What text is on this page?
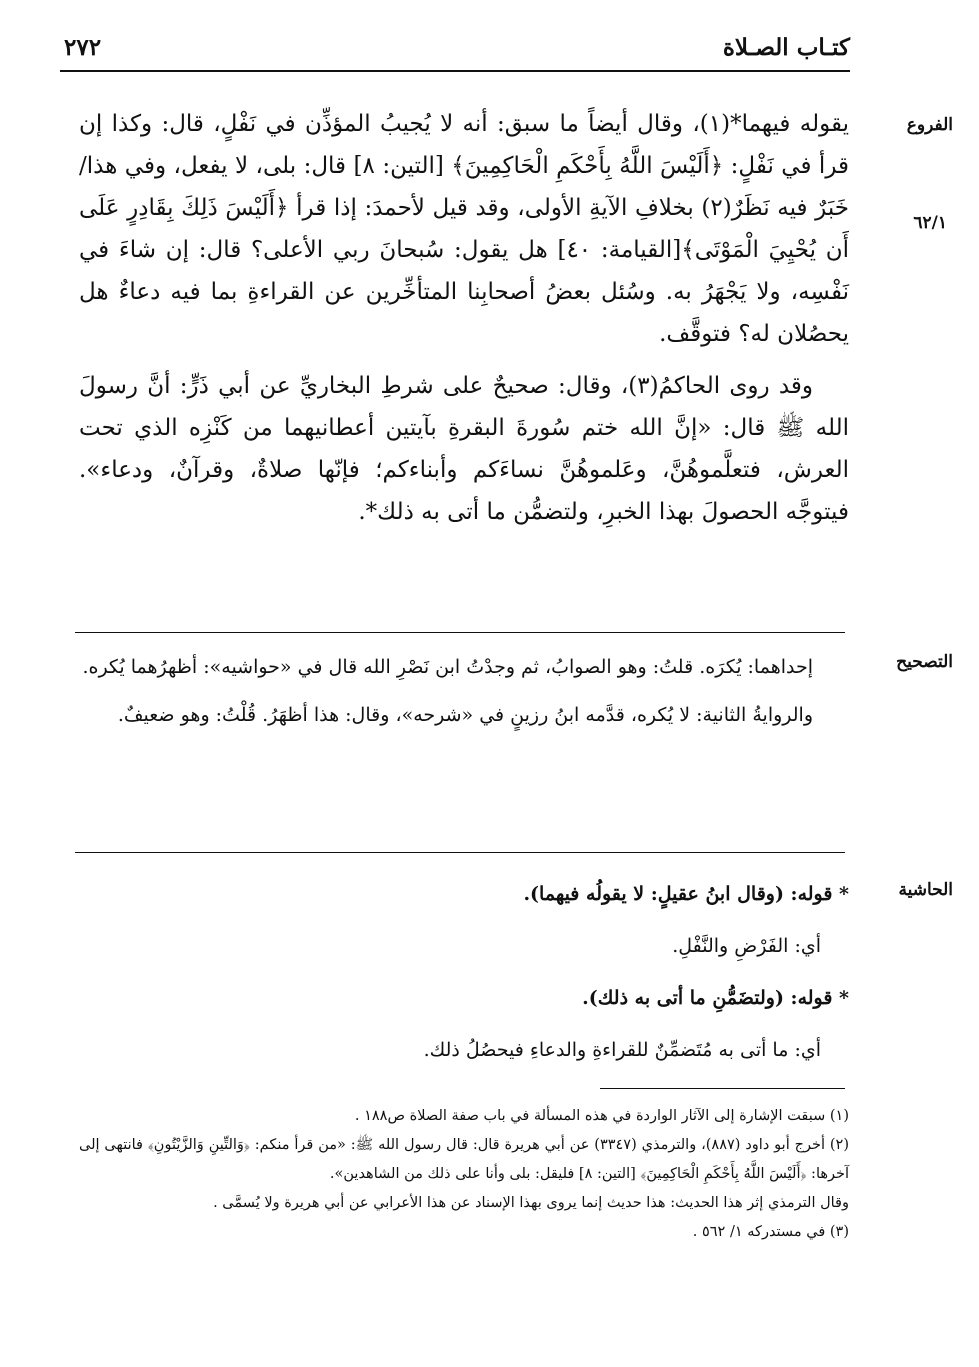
كتـاب الصـلاة
٢٧٢
الفروع
٦٢/١

يقوله فيهما*(١)، وقال أيضاً ما سبق: أنه لا يُجيبُ المؤذِّن في نَفْلٍ، قال: وكذا إن قرأ في نَفْلٍ: ﴿أَلَيْسَ اللَّهُ بِأَحْكَمِ الْحَاكِمِينَ﴾ [التين: ٨] قال: بلى، لا يفعل، وفي هذا/ خَبَرٌ فيه نَظَرٌ(٢) بخلافِ الآيةِ الأولى، وقد قيل لأحمدَ: إذا قرأ ﴿أَلَيْسَ ذَلِكَ بِقَادِرٍ عَلَى أَن يُحْيِيَ الْمَوْتَى﴾[القيامة: ٤٠] هل يقول: سُبحانَ ربي الأعلى؟ قال: إن شاءَ في نَفْسِه، ولا يَجْهَرُ به. وسُئل بعضُ أصحابِنا المتأخِّرين عن القراءةِ بما فيه دعاءٌ هل يحصُلان له؟ فتوقَّف.

وقد روى الحاكمُ(٣)، وقال: صحيحٌ على شرطِ البخاريِّ عن أبي ذَرٍّ: أنَّ رسولَ الله ﷺ قال: «إنَّ الله ختم سُورةَ البقرةِ بآيتين أعطانيهما من كَنْزِه الذي تحت العرش، فتعلَّموهُنَّ، وعَلموهُنَّ نساءَكم وأبناءكم؛ فإنّها صلاةٌ، وقرآنٌ، ودعاء». فيتوجَّه الحصولَ بهذا الخبرِ، ولتضمُّن ما أتى به ذلك*.

التصحيح

إحداهما: يُكرَه. قلتُ: وهو الصوابُ، ثم وجدْتُ ابن نَصْرِ الله قال في «حواشيه»: أظهرُهما يُكره.

والروايةُ الثانية: لا يُكره، قدَّمه ابنُ رزينٍ في «شرحه»، وقال: هذا أظهَرُ. قُلْتُ: وهو ضعيفٌ.

الحاشية

* قوله: (وقال ابنُ عقيلٍ: لا يقولُه فيهما).

أي: الفَرْضِ والنَّفْلِ.

* قوله: (ولتضَمُّنِ ما أتى به ذلك).

أي: ما أتى به مُتَضمِّنٌ للقراءةِ والدعاءِ فيحصُلُ ذلك.

(١) سبقت الإشارة إلى الآثار الواردة في هذه المسألة في باب صفة الصلاة ص١٨٨ .

(٢) أخرج أبو داود (٨٨٧)، والترمذي (٣٣٤٧) عن أبي هريرة قال: قال رسول الله ﷺ: «من قرأ منكم: ﴿وَالتِّينِ وَالزَّيْتُونِ﴾ فانتهى إلى آخرها: ﴿أَلَيْسَ اللَّهُ بِأَحْكَمِ الْحَاكِمِينَ﴾ [التين: ٨] فليقل: بلى وأنا على ذلك من الشاهدين».

وقال الترمذي إثر هذا الحديث: هذا حديث إنما يروى بهذا الإسناد عن هذا الأعرابي عن أبي هريرة ولا يُسمَّى .

(٣) في مستدركه ١/ ٥٦٢ .
